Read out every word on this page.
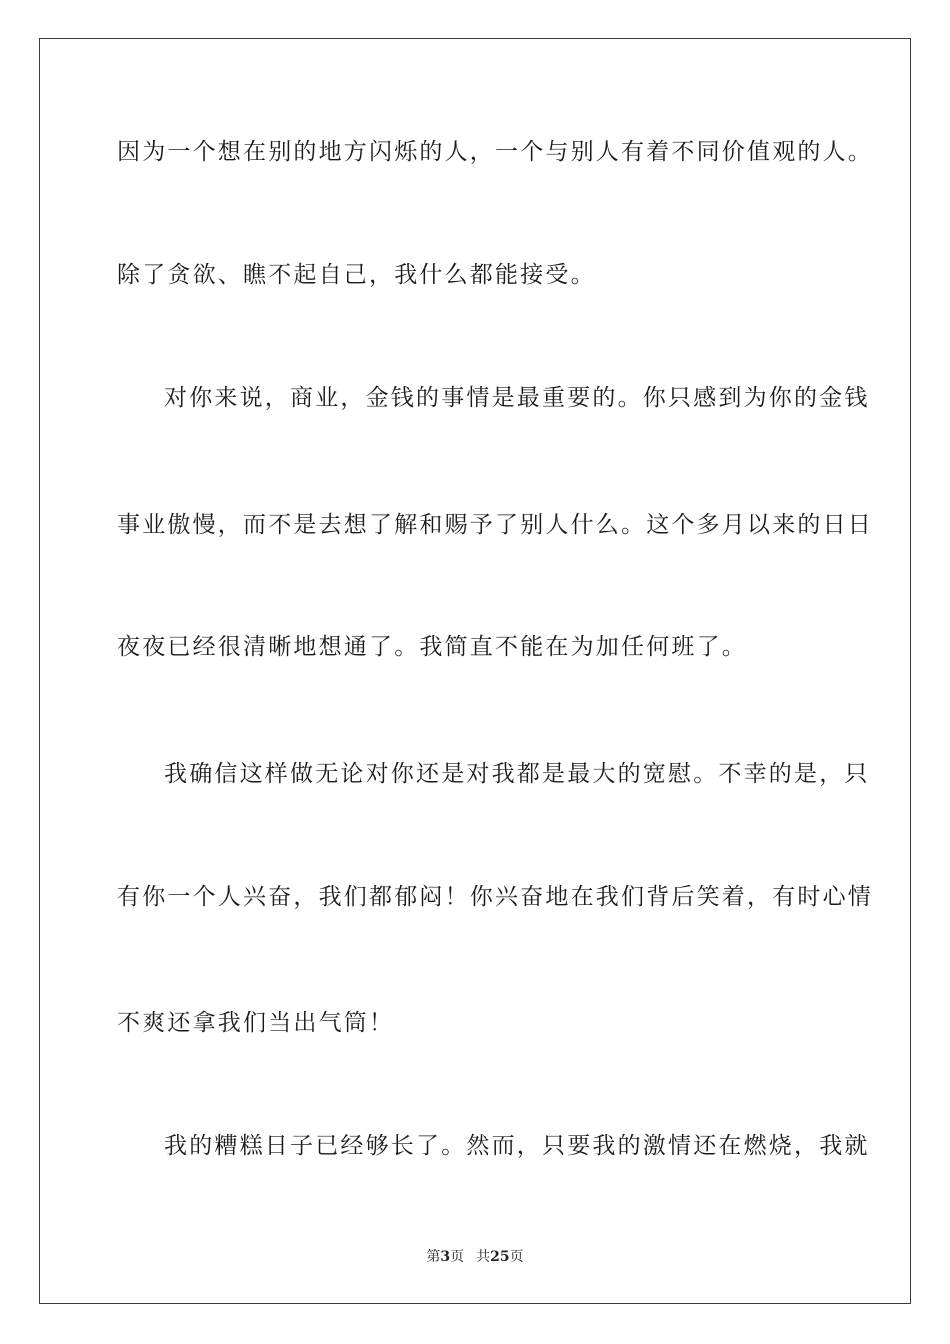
因为一个想在别的地方闪烁的人，一个与别人有着不同价值观的人。
除了贪欲、瞧不起自己，我什么都能接受。
对你来说，商业，金钱的事情是最重要的。你只感到为你的金钱
事业傲慢，而不是去想了解和赐予了别人什么。这个多月以来的日日
夜夜已经很清晰地想通了。我简直不能在为加任何班了。
我确信这样做无论对你还是对我都是最大的宽慰。不幸的是，只
有你一个人兴奋，我们都郁闷！你兴奋地在我们背后笑着，有时心情
不爽还拿我们当出气筒！
我的糟糕日子已经够长了。然而，只要我的激情还在燃烧，我就
第3页 共25页
